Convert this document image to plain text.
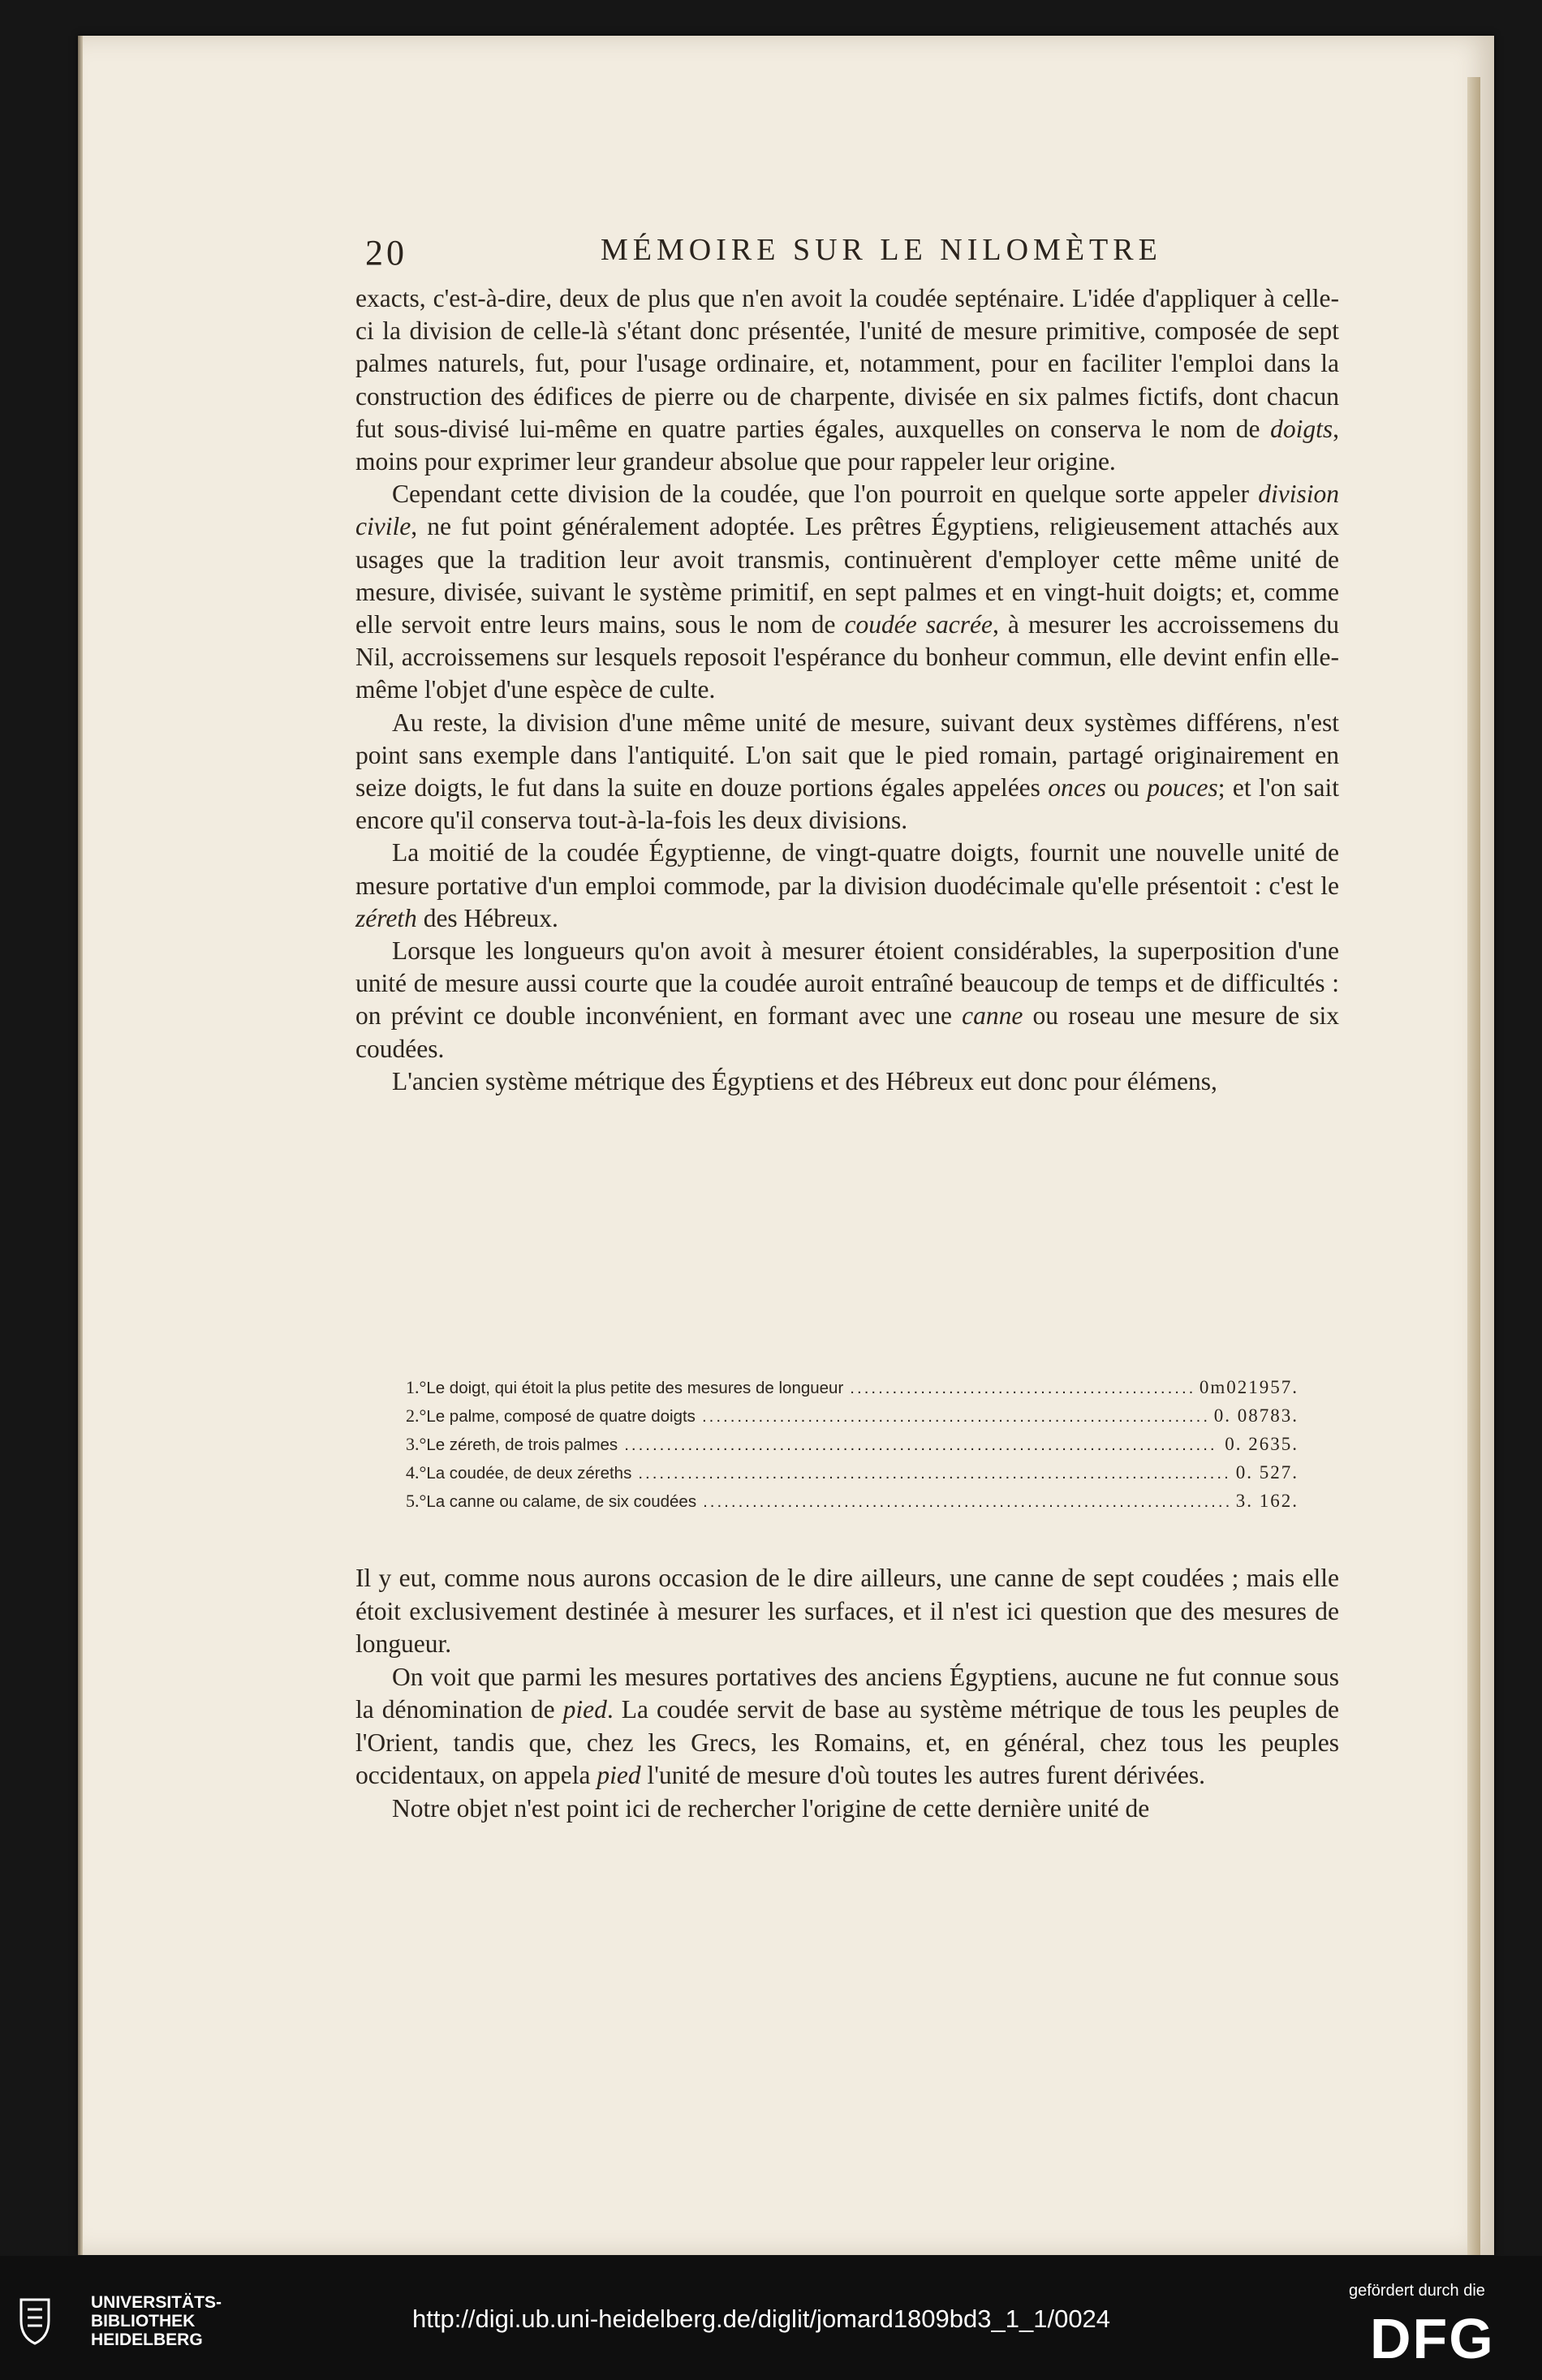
20	MÉMOIRE SUR LE NILOMÈTRE

exacts, c'est-à-dire, deux de plus que n'en avoit la coudée septénaire. L'idée d'appliquer à celle-ci la division de celle-là s'étant donc présentée, l'unité de mesure primitive, composée de sept palmes naturels, fut, pour l'usage ordinaire, et, notamment, pour en faciliter l'emploi dans la construction des édifices de pierre ou de charpente, divisée en six palmes fictifs, dont chacun fut sous-divisé lui-même en quatre parties égales, auxquelles on conserva le nom de doigts, moins pour exprimer leur grandeur absolue que pour rappeler leur origine.

Cependant cette division de la coudée, que l'on pourroit en quelque sorte appeler division civile, ne fut point généralement adoptée. Les prêtres Égyptiens, religieusement attachés aux usages que la tradition leur avoit transmis, continuèrent d'employer cette même unité de mesure, divisée, suivant le système primitif, en sept palmes et en vingt-huit doigts; et, comme elle servoit entre leurs mains, sous le nom de coudée sacrée, à mesurer les accroissemens du Nil, accroissemens sur lesquels reposoit l'espérance du bonheur commun, elle devint enfin elle-même l'objet d'une espèce de culte.

Au reste, la division d'une même unité de mesure, suivant deux systèmes différens, n'est point sans exemple dans l'antiquité. L'on sait que le pied romain, partagé originairement en seize doigts, le fut dans la suite en douze portions égales appelées onces ou pouces; et l'on sait encore qu'il conserva tout-à-la-fois les deux divisions.

La moitié de la coudée Égyptienne, de vingt-quatre doigts, fournit une nouvelle unité de mesure portative d'un emploi commode, par la division duodécimale qu'elle présentoit : c'est le zéreth des Hébreux.

Lorsque les longueurs qu'on avoit à mesurer étoient considérables, la superposition d'une unité de mesure aussi courte que la coudée auroit entraîné beaucoup de temps et de difficultés : on prévint ce double inconvénient, en formant avec une canne ou roseau une mesure de six coudées.

L'ancien système métrique des Égyptiens et des Hébreux eut donc pour élémens,

1.° Le doigt, qui étoit la plus petite des mesures de longueur .....	0m021957.
2.° Le palme, composé de quatre doigts .....	0. 08783.
3.° Le zéreth, de trois palmes .....	0. 2635.
4.° La coudée, de deux zéreths .....	0. 527.
5.° La canne ou calame, de six coudées .....	3. 162.

Il y eut, comme nous aurons occasion de le dire ailleurs, une canne de sept coudées ; mais elle étoit exclusivement destinée à mesurer les surfaces, et il n'est ici question que des mesures de longueur.

On voit que parmi les mesures portatives des anciens Égyptiens, aucune ne fut connue sous la dénomination de pied. La coudée servit de base au système métrique de tous les peuples de l'Orient, tandis que, chez les Grecs, les Romains, et, en général, chez tous les peuples occidentaux, on appela pied l'unité de mesure d'où toutes les autres furent dérivées.

Notre objet n'est point ici de rechercher l'origine de cette dernière unité de

UNIVERSITÄTS-
BIBLIOTHEK
HEIDELBERG
http://digi.ub.uni-heidelberg.de/diglit/jomard1809bd3_1_1/0024
gefördert durch die
DFG
